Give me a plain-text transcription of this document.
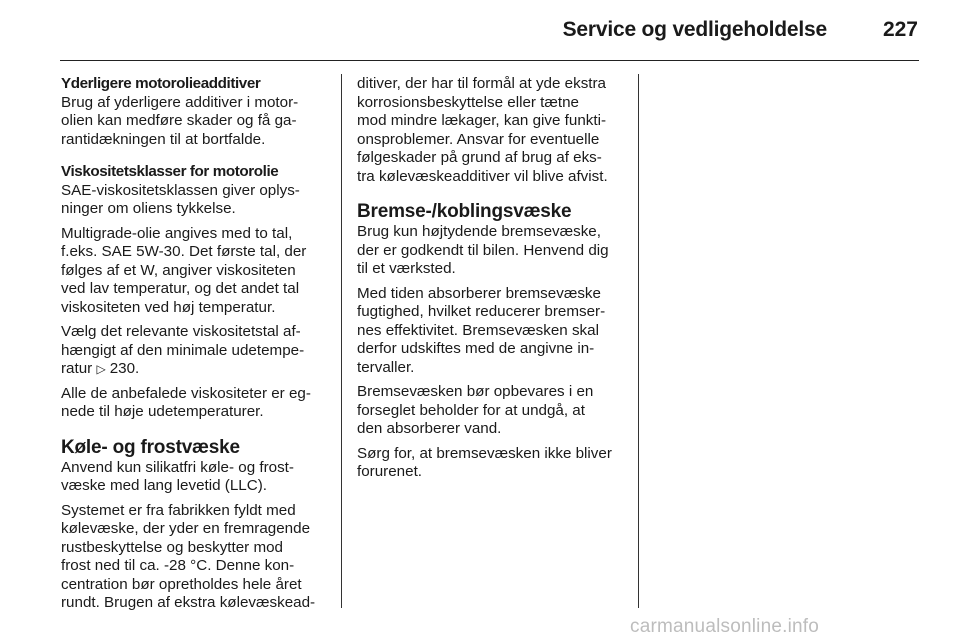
Service og vedligeholdelse	227
Yderligere motorolieadditiver
Brug af yderligere additiver i motor-
olien kan medføre skader og få ga-
rantidækningen til at bortfalde.
Viskositetsklasser for motorolie
SAE-viskositetsklassen giver oplys-
ninger om oliens tykkelse.
Multigrade-olie angives med to tal,
f.eks. SAE 5W-30. Det første tal, der
følges af et W, angiver viskositeten
ved lav temperatur, og det andet tal
viskositeten ved høj temperatur.
Vælg det relevante viskositetstal af-
hængigt af den minimale udetempe-
ratur ▷ 230.
Alle de anbefalede viskositeter er eg-
nede til høje udetemperaturer.
Køle- og frostvæske
Anvend kun silikatfri køle- og frost-
væske med lang levetid (LLC).
Systemet er fra fabrikken fyldt med
kølevæske, der yder en fremragende
rustbeskyttelse og beskytter mod
frost ned til ca. -28 °C. Denne kon-
centration bør opretholdes hele året
rundt. Brugen af ekstra kølevæskead-
ditiver, der har til formål at yde ekstra
korrosionsbeskyttelse eller tætne
mod mindre lækager, kan give funkti-
onsproblemer. Ansvar for eventuelle
følgeskader på grund af brug af eks-
tra kølevæskeadditiver vil blive afvist.
Bremse-/koblingsvæske
Brug kun højtydende bremsevæske,
der er godkendt til bilen. Henvend dig
til et værksted.
Med tiden absorberer bremsevæske
fugtighed, hvilket reducerer bremser-
nes effektivitet. Bremsevæsken skal
derfor udskiftes med de angivne in-
tervaller.
Bremsevæsken bør opbevares i en
forseglet beholder for at undgå, at
den absorberer vand.
Sørg for, at bremsevæsken ikke bliver
forurenet.
carmanualsonline.info
